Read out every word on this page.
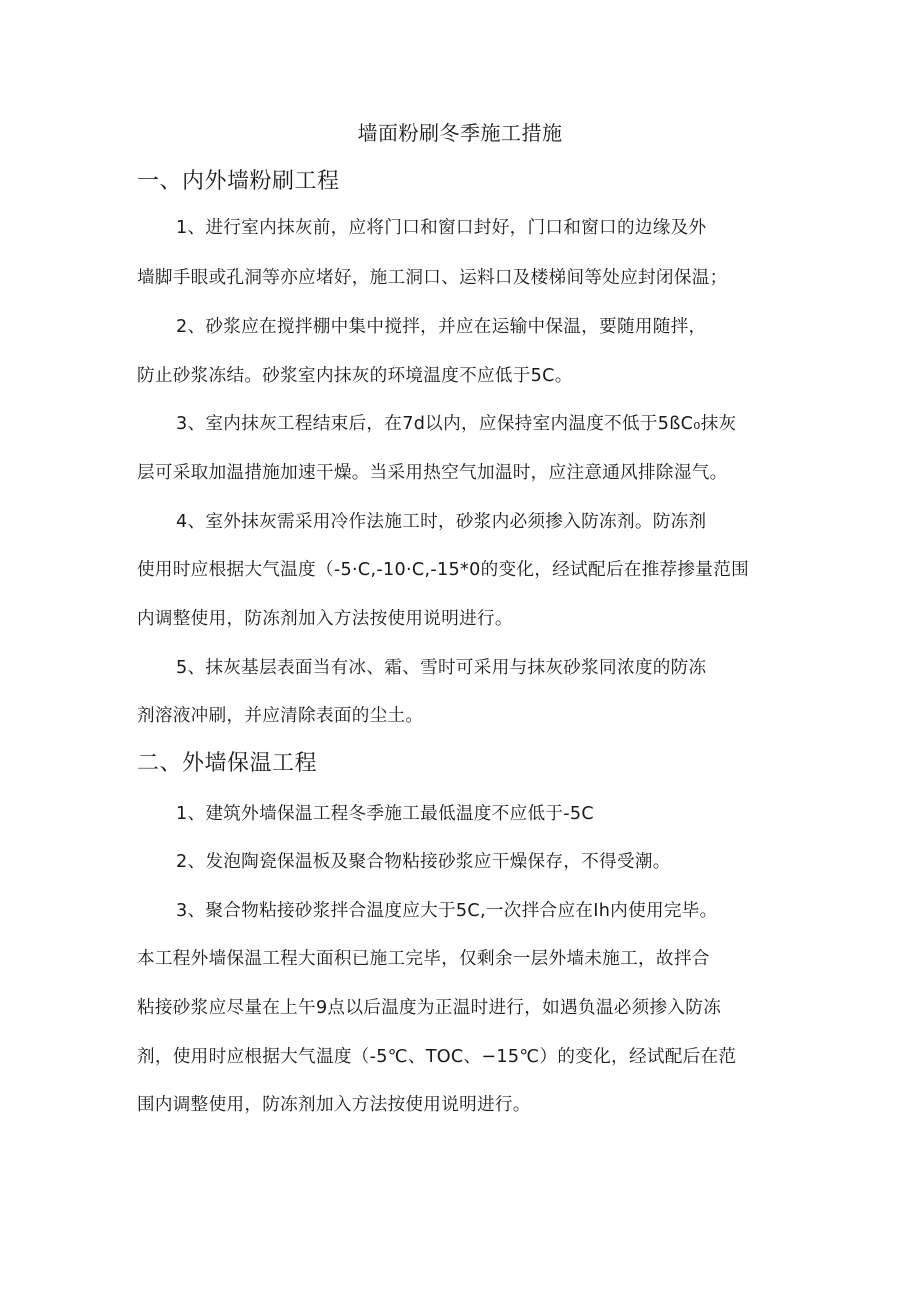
墙面粉刷冬季施工措施
一、内外墙粉刷工程
1、进行室内抹灰前，应将门口和窗口封好，门口和窗口的边缘及外
墙脚手眼或孔洞等亦应堵好，施工洞口、运料口及楼梯间等处应封闭保温；
2、砂浆应在搅拌棚中集中搅拌，并应在运输中保温，要随用随拌，
防止砂浆冻结。砂浆室内抹灰的环境温度不应低于5C。
3、室内抹灰工程结束后，在7d以内，应保持室内温度不低于5ßC₀抹灰
层可采取加温措施加速干燥。当采用热空气加温时，应注意通风排除湿气。
4、室外抹灰需采用冷作法施工时，砂浆内必须掺入防冻剂。防冻剂
使用时应根据大气温度（-5·C,-10·C,-15*0的变化，经试配后在推荐掺量范围
内调整使用，防冻剂加入方法按使用说明进行。
5、抹灰基层表面当有冰、霜、雪时可采用与抹灰砂浆同浓度的防冻
剂溶液冲刷，并应清除表面的尘土。
二、外墙保温工程
1、建筑外墙保温工程冬季施工最低温度不应低于-5C
2、发泡陶瓷保温板及聚合物粘接砂浆应干燥保存，不得受潮。
3、聚合物粘接砂浆拌合温度应大于5C,一次拌合应在Ih内使用完毕。
本工程外墙保温工程大面积已施工完毕，仅剩余一层外墙未施工，故拌合
粘接砂浆应尽量在上午9点以后温度为正温时进行，如遇负温必须掺入防冻
剂，使用时应根据大气温度（-5℃、TOC、−15℃）的变化，经试配后在范
围内调整使用，防冻剂加入方法按使用说明进行。
